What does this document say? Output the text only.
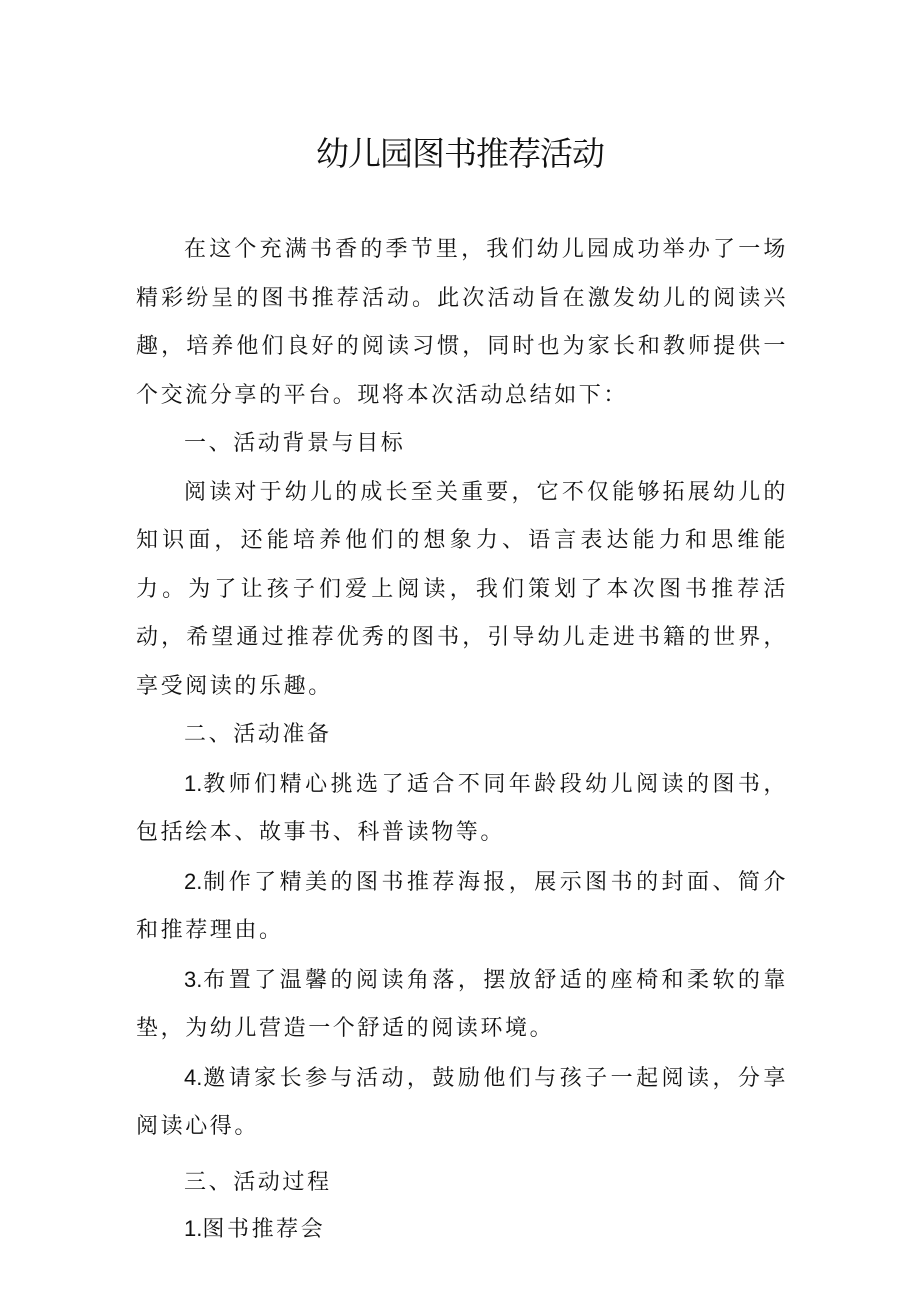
幼儿园图书推荐活动

在这个充满书香的季节里，我们幼儿园成功举办了一场精彩纷呈的图书推荐活动。此次活动旨在激发幼儿的阅读兴趣，培养他们良好的阅读习惯，同时也为家长和教师提供一个交流分享的平台。现将本次活动总结如下：

一、活动背景与目标

阅读对于幼儿的成长至关重要，它不仅能够拓展幼儿的知识面，还能培养他们的想象力、语言表达能力和思维能力。为了让孩子们爱上阅读，我们策划了本次图书推荐活动，希望通过推荐优秀的图书，引导幼儿走进书籍的世界，享受阅读的乐趣。

二、活动准备

1.教师们精心挑选了适合不同年龄段幼儿阅读的图书，包括绘本、故事书、科普读物等。

2.制作了精美的图书推荐海报，展示图书的封面、简介和推荐理由。

3.布置了温馨的阅读角落，摆放舒适的座椅和柔软的靠垫，为幼儿营造一个舒适的阅读环境。

4.邀请家长参与活动，鼓励他们与孩子一起阅读，分享阅读心得。

三、活动过程

1.图书推荐会
